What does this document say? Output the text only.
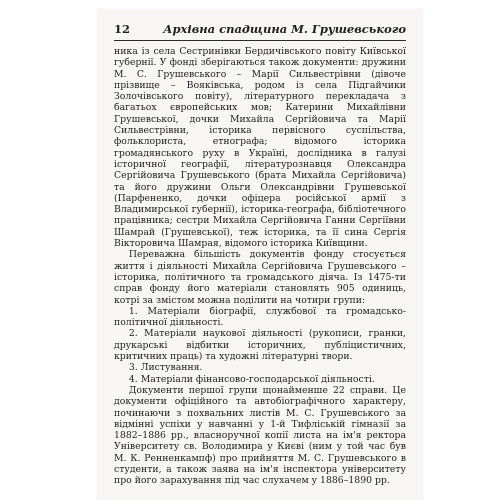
12	Архівна спадщина М. Грушевського

ника із села Сестринівки Бердичівського повіту Київської губернії. У фонді зберігаються також документи: дружини М. С. Грушевського – Марії Сильвестрівни (дівоче прізвище – Вояківська, родом із села Підгайчики Золочівського повіту), літературного перекладача з багатьох європейських мов; Катерини Михайлівни Грушевської, дочки Михайла Сергійовича та Марії Сильвестрівни, історика первісного суспільства, фольклориста, етнографа; відомого історика громадянського руху в Україні, дослідника в галузі історичної географії, літературознавця Олександра Сергійовича Грушевського (брата Михайла Сергійовича) та його дружини Ольги Олександрівни Грушевської (Парфененко, дочки офіцера російської армії з Владимирської губернії), історика-географа, бібліотечного працівника; сестри Михайла Сергійовича Ганни Сергіївни Шамрай (Грушевської), теж історика, та її сина Сергія Вікторовича Шамрая, відомого історика Київщини.

Переважна більшість документів фонду стосується життя і діяльності Михайла Сергійовича Грушевського – історика, політичного та громадського діяча. Із 1475-ти справ фонду його матеріали становлять 905 одиниць, котрі за змістом можна поділити на чотири групи:

1. Матеріали біографії, службової та громадсько-політичної діяльності.

2. Матеріали наукової діяльності (рукописи, гранки, друкарські відбитки історичних, публіцистичних, критичних праць) та художні літературні твори.

3. Листування.

4. Матеріали фінансово-господарської діяльності.

Документи першої групи щонайменше 22 справи. Це документи офіційного та автобіографічного характеру, починаючи з похвальних листів М. С. Грушевського за відмінні успіхи у навчанні у 1-й Тифліській гімназії за 1882–1886 рр., власноручної копії листа на ім'я ректора Університету св. Володимира у Києві (ним у той час був М. К. Ренненкампф) про прийняття М. С. Грушевського в студенти, а також заява на ім'я інспектора університету про його зарахування під час слухачем у 1886–1890 рр.
